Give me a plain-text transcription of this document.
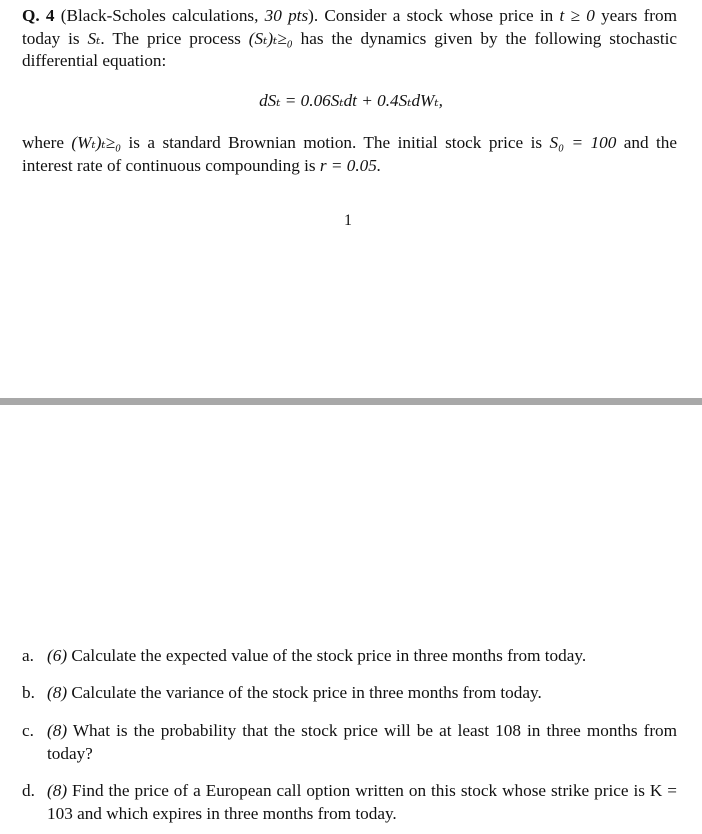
Q. 4 (Black-Scholes calculations, 30 pts). Consider a stock whose price in t ≥ 0 years from today is Sₜ. The price process (Sₜ)ₜ≥₀ has the dynamics given by the following stochastic differential equation:
dSₜ = 0.06Sₜdt + 0.4SₜdWₜ,
where (Wₜ)ₜ≥₀ is a standard Brownian motion. The initial stock price is S₀ = 100 and the interest rate of continuous compounding is r = 0.05.
1
a. (6) Calculate the expected value of the stock price in three months from today.
b. (8) Calculate the variance of the stock price in three months from today.
c. (8) What is the probability that the stock price will be at least 108 in three months from today?
d. (8) Find the price of a European call option written on this stock whose strike price is K = 103 and which expires in three months from today.
